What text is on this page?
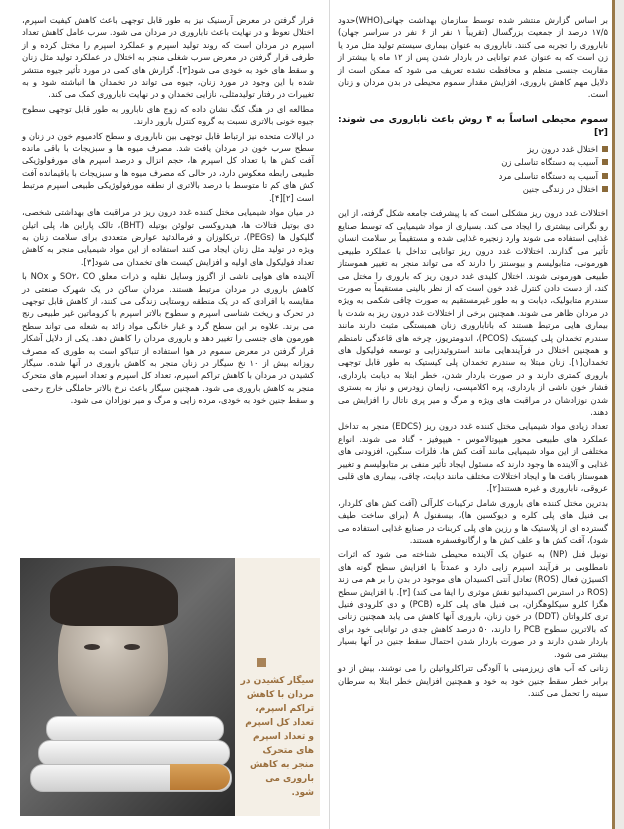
بر اساس گزارش منتشر شده توسط سازمان بهداشت جهانی(WHO)حدود ۱۷/۵ درصد از جمعیت بزرگسال (تقریباً ۱ نفر از ۶ نفر در سراسر جهان) ناباروری را تجربه می کنند. ناباروری به عنوان بیماری سیستم تولید مثل مرد یا زن است که به عنوان عدم توانایی در باردار شدن پس از ۱۲ ماه یا بیشتر از مقاربت جنسی منظم و محافظت نشده تعریف می شود که ممکن است از دلایل مهم کاهش باروری، افزایش مقدار سموم محیطی در بدن مردان و زنان است.

سموم محیطی اساساً به ۴ روش باعث ناباروری می شوند:[۲]
اختلال غدد درون ریز
آسیب به دستگاه تناسلی زن
آسیب به دستگاه تناسلی مرد
اختلال در زندگی جنین

اختلالات غدد درون ریز مشکلی است که با پیشرفت جامعه شکل گرفته، از این رو نگرانی بیشتری را ایجاد می کند. بسیاری از مواد شیمیایی که توسط صنایع غذایی استفاده می شوند وارد زنجیره غذایی شده و مستقیماً بر سلامت انسان تأثیر می گذارند. اختلالات غدد درون ریز توانایی تداخل با عملکرد طبیعی هورمونی، متابولیسم و بیوسنتز را دارند که می تواند منجر به تغییر هموستاز طبیعی هورمونی شوند. اختلال کلیدی غدد درون ریز که باروری را مختل می کند، از دست دادن کنترل غدد خون است که از نظر بالینی مستقیماً به صورت سندرم متابولیک، دیابت و به طور غیرمستقیم به صورت چاقی شکمی به ویژه در مردان ظاهر می شوند. همچنین برخی از اختلالات غدد درون ریز به شدت با بیماری هایی مرتبط هستند که باناباروری زنان همبستگی مثبت دارند مانند سندرم تخمدان پلی کیستیک (PCOS)، اندومتریوز، چرخه های قاعدگی نامنظم و همچنین اختلال در فرآیندهایی مانند استروئیدزایی و توسعه فولیکول های تخمدان[۱]. زنان مبتلا به سندرم تخمدان پلی کیستیک به طور قابل توجهی باروری کمتری دارند و در صورت باردار شدن، خطر ابتلا به دیابت بارداری، فشار خون ناشی از بارداری، پره اکلامپسی، زایمان زودرس و نیاز به بستری شدن نوزادشان در مراقبت های ویژه و مرگ و میر پری ناتال را افزایش می دهند.

تعداد زیادی مواد شیمیایی مختل کننده غدد درون ریز (EDCS) منجر به تداخل عملکرد های طبیعی محور هیپوتالاموس - هیپوفیز - گناد می شوند. انواع مختلفی از این مواد شیمیایی مانند آفت کش ها، فلزات سنگین، افزودنی های غذایی و آلاینده ها وجود دارند که مسئول ایجاد تأثیر منفی بر متابولیسم و تغییر هموستاز بافت ها و ایجاد اختلالات مختلف مانند دیابت، چاقی، بیماری های قلبی عروقی، ناباروری و غیره هستند[۲].

بدترین مختل کننده های باروری شامل ترکیبات کلرآلی (آفت کش های کلردار، بی فنیل های پلی کلره و دیوکسین ها)، بیسفنول A (برای ساخت طیف گسترده ای از پلاستیک ها و رزین های پلی کربنات در صنایع غذایی استفاده می شود)، آفت کش ها و علف کش ها و ارگانوفسفره هستند.

نونیل فنل (NP) به عنوان یک آلاینده محیطی شناخته می شود که اثرات نامطلوبی بر فرآیند اسپرم زایی دارد و عمدتاً با افزایش سطح گونه های اکسیژن فعال (ROS) تعادل آنتی اکسیدان های موجود در بدن را بر هم می زند (ROS در استرس اکسیداتیو نقش موثری را ایفا می کند) [۳]. با افزایش سطح هگزا کلرو سیکلوهگزان، بی فنیل های پلی کلره (PCB) و دی کلرودی فنیل تری کلرواتان (DDT) در خون زنان، باروری آنها کاهش می یابد همچنین زنانی که بالاترین سطوح PCB را دارند، ۵۰ درصد کاهش جدی در توانایی خود برای باردار شدن دارند و در صورت باردار شدن احتمال سقط جنین در آنها بسیار بیشتر می شود.

زنانی که آب های زیرزمینی با آلودگی تتراکلرواتیلن را می نوشند، بیش از دو برابر خطر سقط جنین خود به خود و همچنین افزایش خطر ابتلا به سرطان سینه را تحمل می کنند.

قرار گرفتن در معرض آرسنیک نیز به طور قابل توجهی باعث کاهش کیفیت اسپرم، اختلال نعوظ و در نهایت باعث ناباروری در مردان می شود. سرب عامل کاهش تعداد اسپرم در مردان است که روند تولید اسپرم و عملکرد اسپرم را مختل کرده و از طرفی قرار گرفتن در معرض سرب شغلی منجر به اختلال در عملکرد تولید مثل زنان و سقط های خود به خودی می شود[۳]. گزارش های کمی در مورد تأثیر جیوه منتشر شده با این وجود در مورد زنان، جیوه می تواند در تخمدان ها انباشته شود و به تغییرات در رفتار تولیدمثلی، نازایی تخمدان و در نهایت ناباروری کمک می کند.

مطالعه ای در هنگ کنگ نشان داده که زوج های نابارور به طور قابل توجهی سطوح جیوه خونی بالاتری نسبت به گروه کنترل بارور دارند.

در ایالات متحده نیز ارتباط قابل توجهی بین ناباروری و سطح کادمیوم خون در زنان و سطح سرب خون در مردان یافت شد. مصرف میوه ها و سبزیجات با باقی مانده آفت کش ها با تعداد کل اسپرم ها، حجم انزال و درصد اسپرم های مورفولوژیکی طبیعی رابطه معکوس دارد، در حالی که مصرف میوه ها و سبزیجات با باقیمانده آفت کش های کم تا متوسط با درصد بالاتری از نطفه مورفولوژیکی طبیعی اسپرم مرتبط است [۲][۴].

در میان مواد شیمیایی مختل کننده غدد درون ریز در مراقبت های بهداشتی شخصی، دی بوتیل فتالات ها، هیدروکسی تولوئن بوتیله (BHT)، تالک پارابن ها، پلی اتیلن گلیکول ها (PEGs)، تریکلوزان و فرمالدئید عوارض متعددی برای سلامت زنان به ویژه در تولید مثل زنان ایجاد می کنند استفاده از این مواد شیمیایی منجر به کاهش تعداد فولیکول های اولیه و افزایش کیست های تخمدان می شود[۳].

آلاینده های هوایی ناشی از اگزوز وسایل نقلیه و ذرات معلق SO۲، CO و NOx با کاهش باروری در مردان مرتبط هستند. مردان ساکن در یک شهرک صنعتی در مقایسه با افرادی که در یک منطقه روستایی زندگی می کنند، از کاهش قابل توجهی در تحرک و ریخت شناسی اسپرم و سطوح بالاتر اسپرم با کروماتین غیر طبیعی رنج می برند. علاوه بر این سطح گرد و غبار خانگی مواد زائد به شعله می تواند سطح هورمون های جنسی را تغییر دهد و باروری مردان را کاهش دهد. یکی از دلایل آشکار قرار گرفتن در معرض سموم در هوا استفاده از تنباکو است به طوری که مصرف روزانه بیش از ۱۰ نخ سیگار در زنان منجر به کاهش باروری در آنها شده. سیگار کشیدن در مردان با کاهش تراکم اسپرم، تعداد کل اسپرم و تعداد اسپرم های متحرک منجر به کاهش باروری می شود. همچنین سیگار باعث نرخ بالاتر حاملگی خارج رحمی و سقط جنین خود به خودی، مرده زایی و مرگ و میر نوزادان می شود.

سیگار کشیدن در مردان با کاهش تراکم اسپرم، تعداد کل اسپرم و تعداد اسپرم های متحرک منجر به کاهش باروری می شود.
